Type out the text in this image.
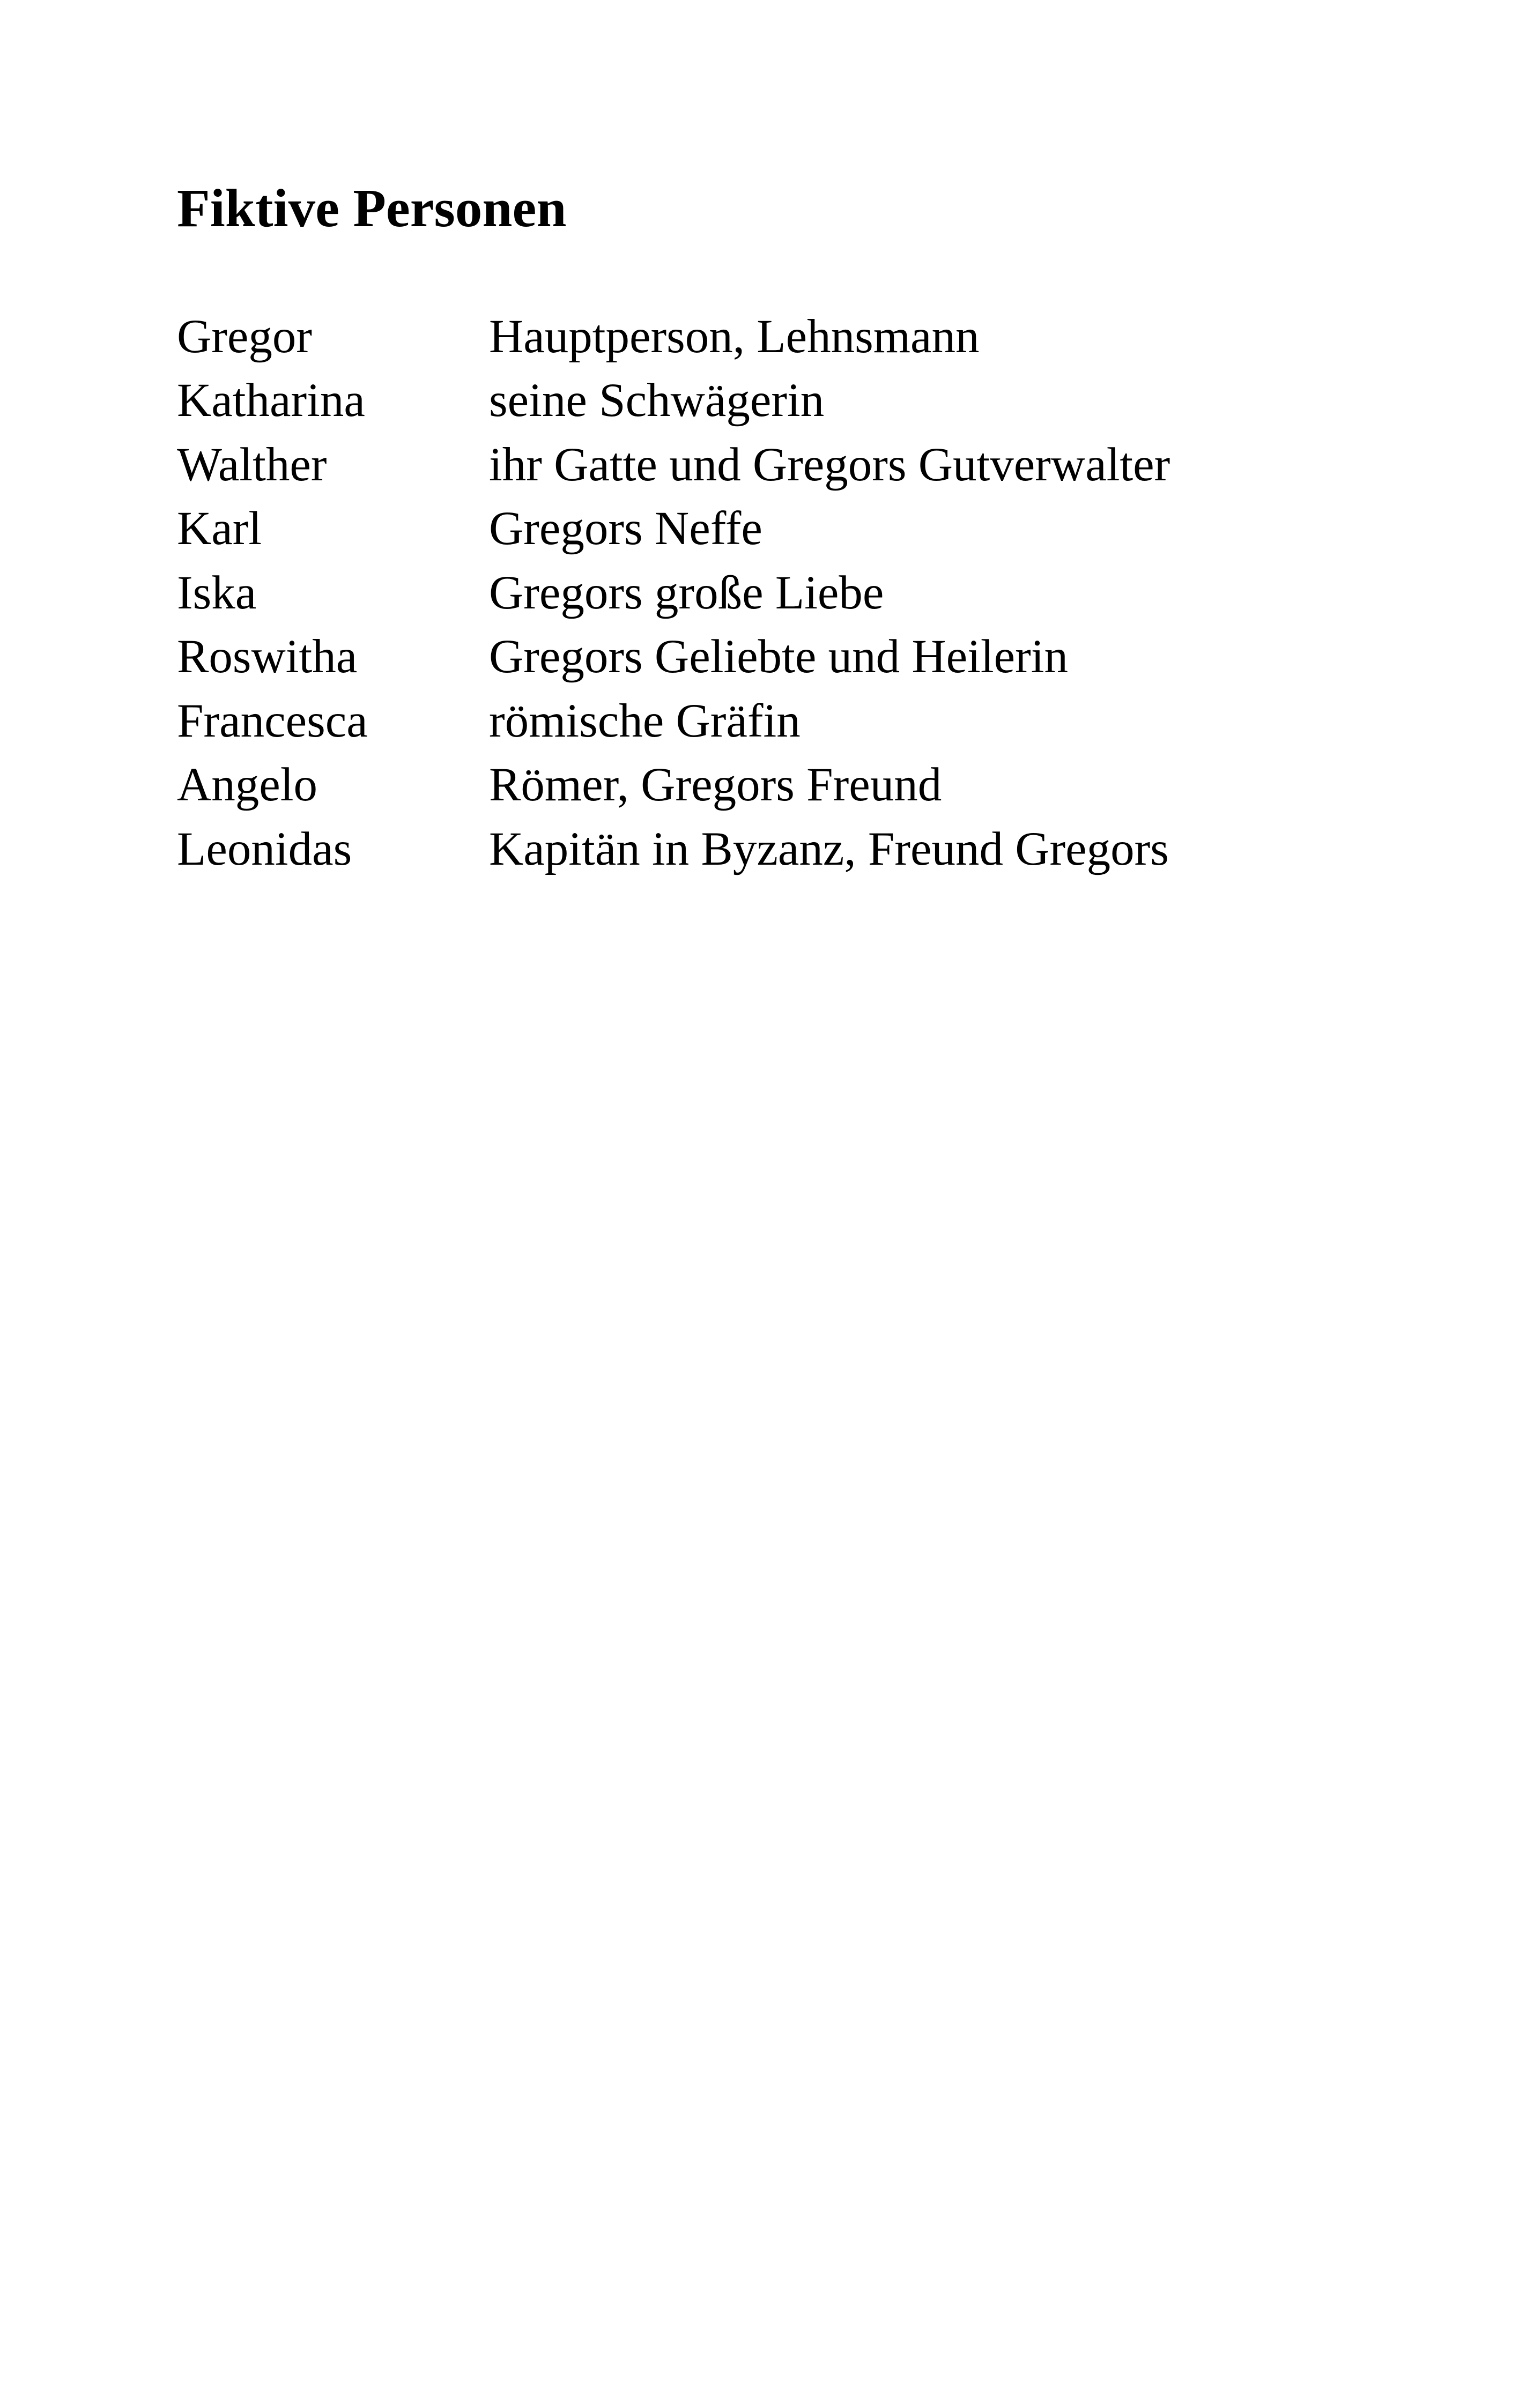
Fiktive Personen
Gregor	Hauptperson, Lehnsmann
Katharina	seine Schwägerin
Walther	ihr Gatte und Gregors Gutverwalter
Karl	Gregors Neffe
Iska	Gregors große Liebe
Roswitha	Gregors Geliebte und Heilerin
Francesca	römische Gräfin
Angelo	Römer, Gregors Freund
Leonidas	Kapitän in Byzanz, Freund Gregors
